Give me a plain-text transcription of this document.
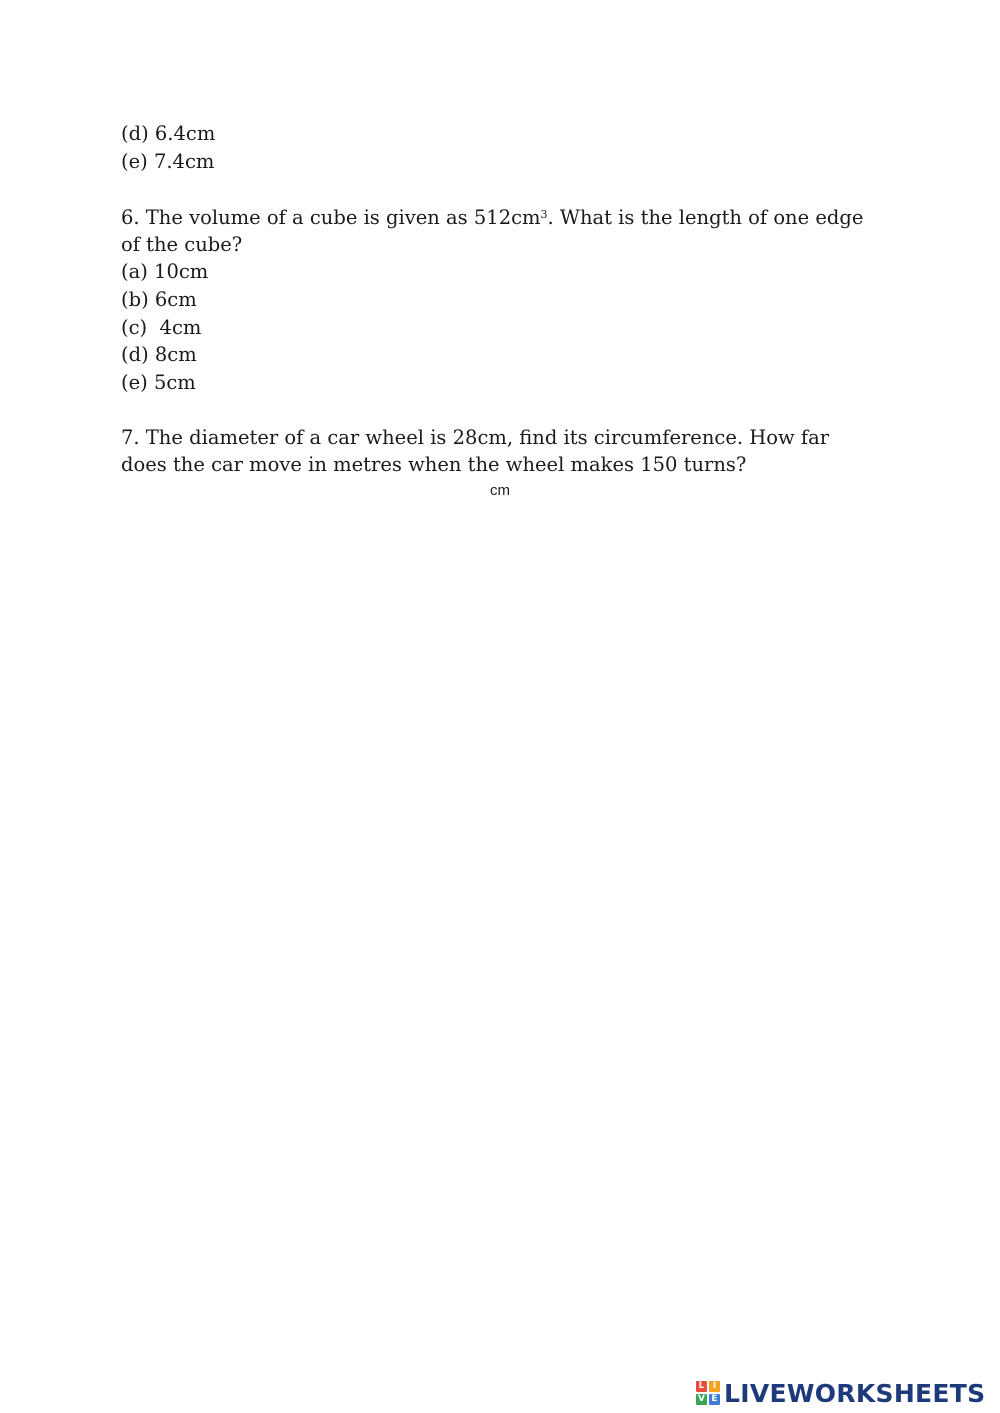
(d) 6.4cm
(e) 7.4cm
6. The volume of a cube is given as $512cm^3$. What is the length of one edge of the cube?
(a) 10cm
(b) 6cm
(c)  4cm
(d) 8cm
(e) 5cm
7. The diameter of a car wheel is 28cm, find its circumference. How far does the car move in metres when the wheel makes 150 turns?
cm
L I
V E LIVEWORKSHEETS
